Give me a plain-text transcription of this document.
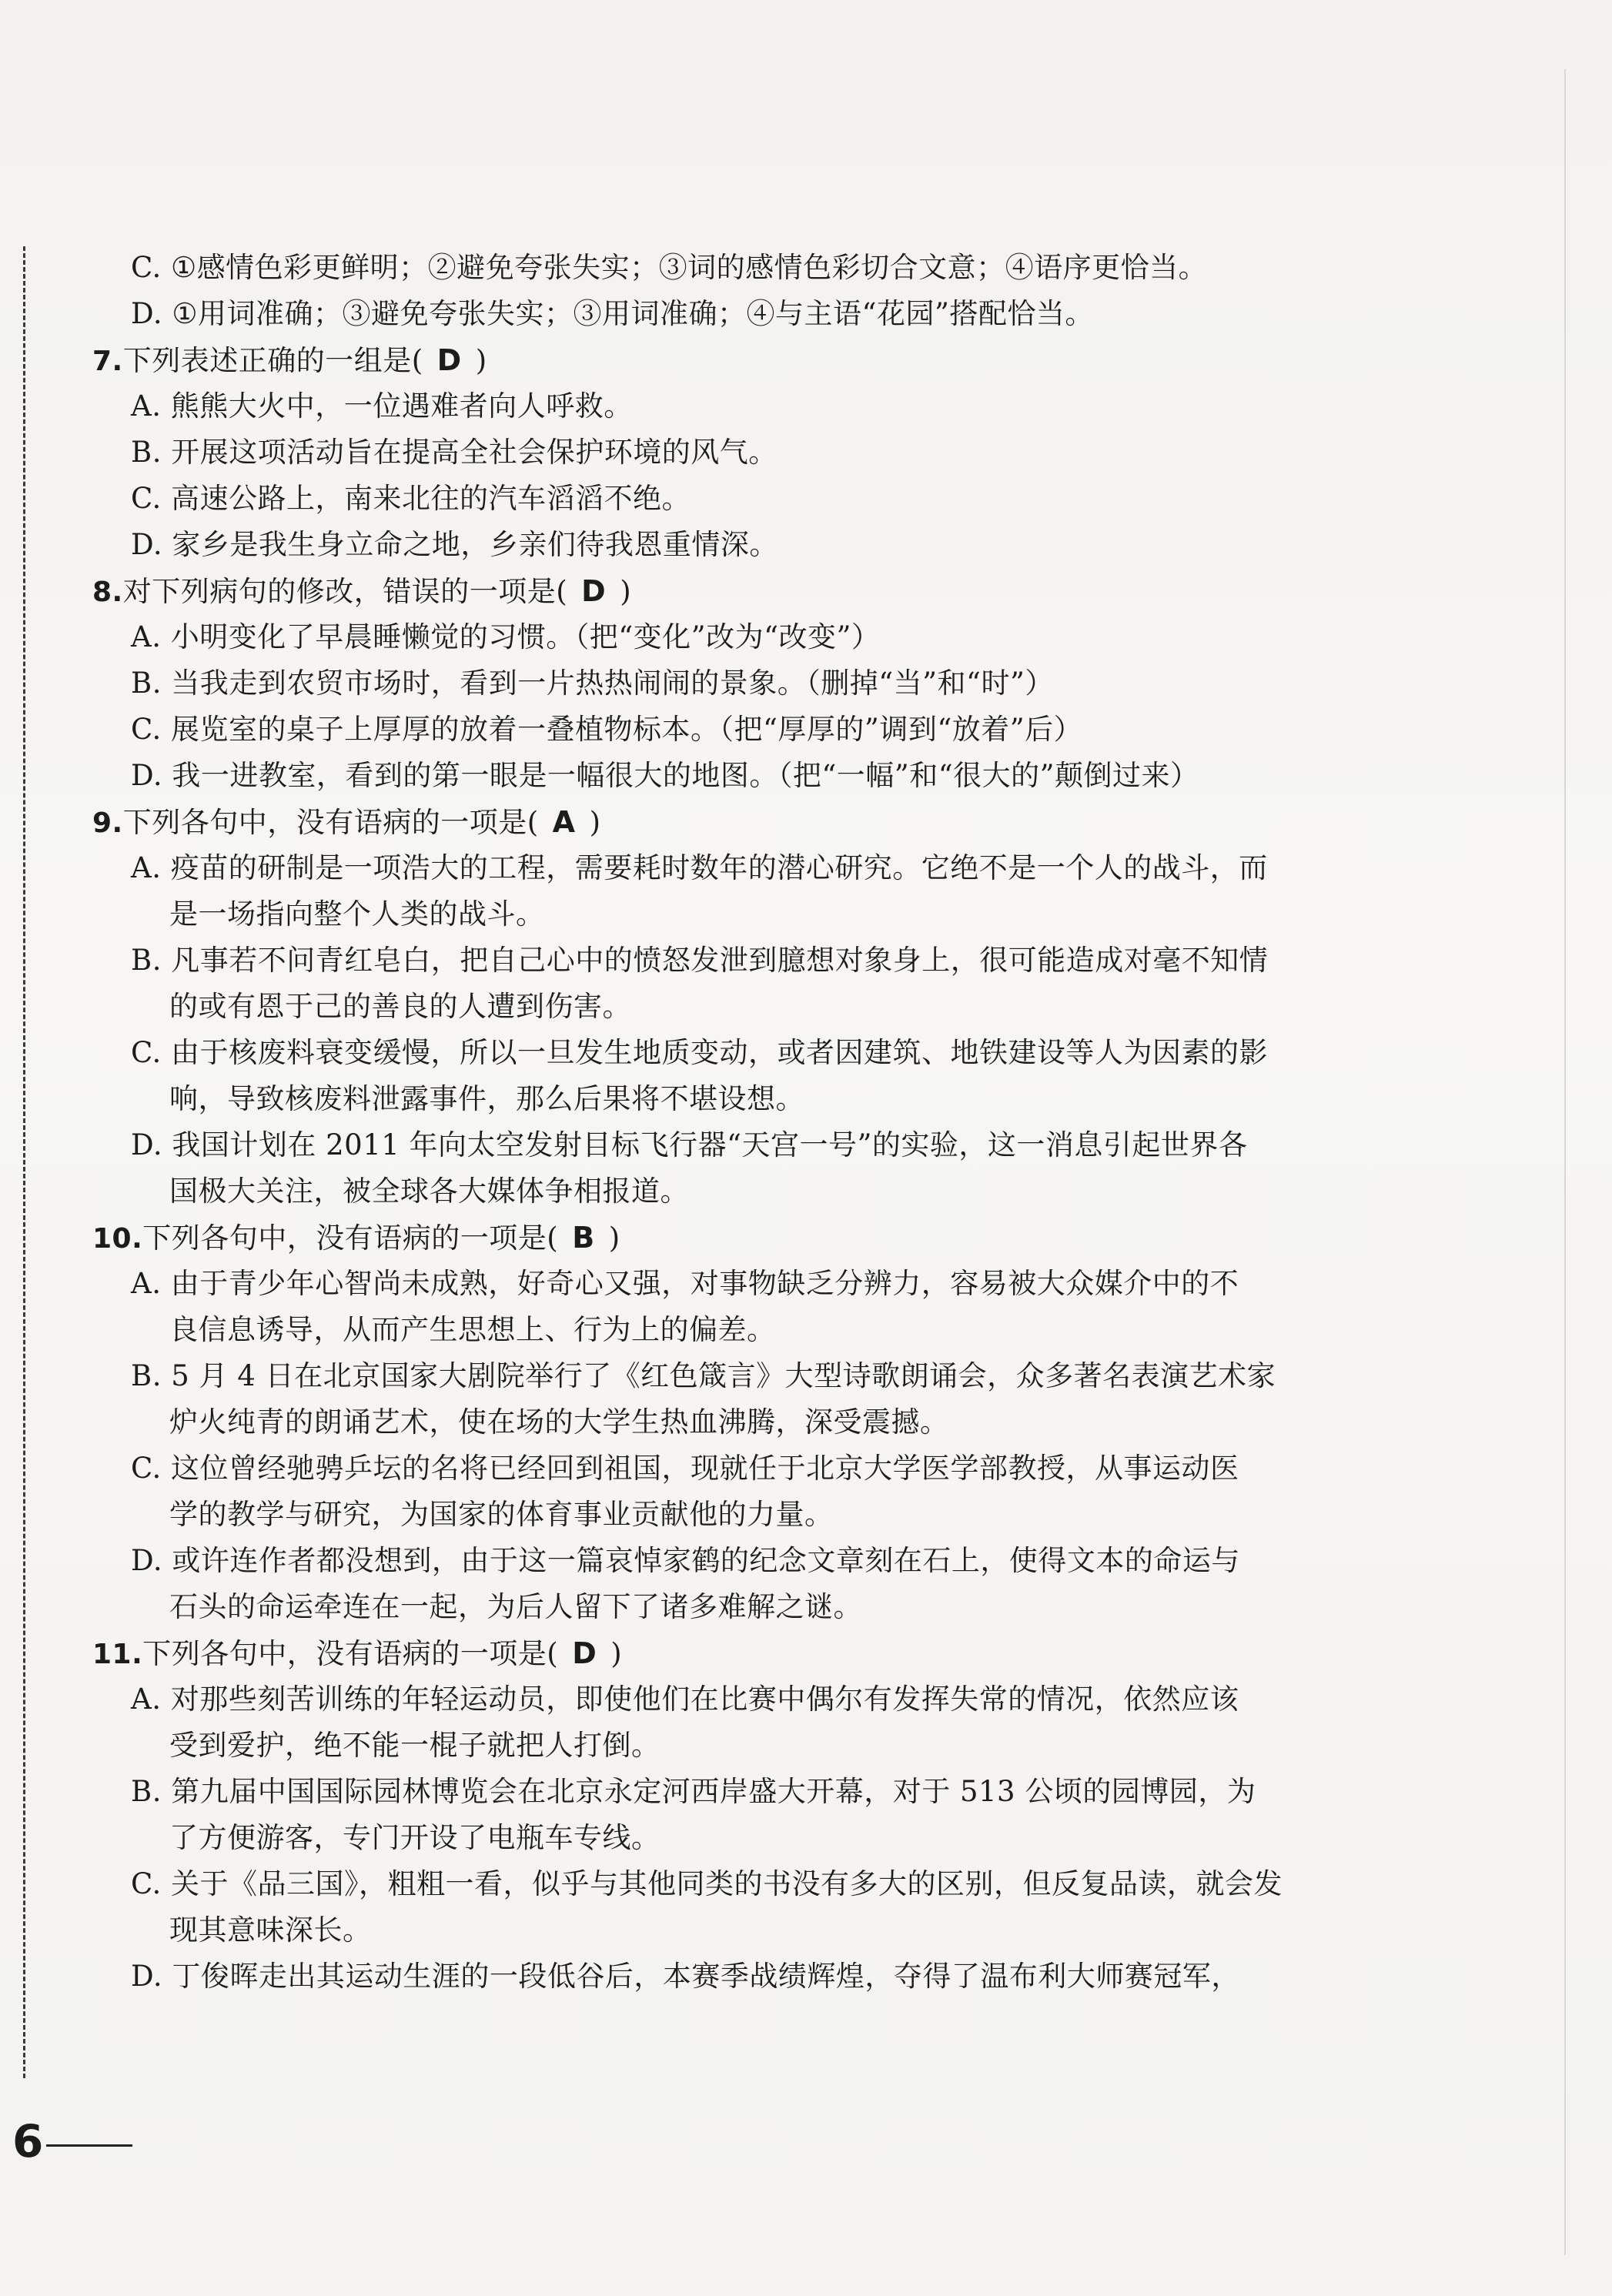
C. ①感情色彩更鲜明；②避免夸张失实；③词的感情色彩切合文意；④语序更恰当。
D. ①用词准确；③避免夸张失实；③用词准确；④与主语“花园”搭配恰当。
7.下列表述正确的一组是( D )
A. 熊熊大火中，一位遇难者向人呼救。
B. 开展这项活动旨在提高全社会保护环境的风气。
C. 高速公路上，南来北往的汽车滔滔不绝。
D. 家乡是我生身立命之地，乡亲们待我恩重情深。
8.对下列病句的修改，错误的一项是( D )
A. 小明变化了早晨睡懒觉的习惯。（把“变化”改为“改变”）
B. 当我走到农贸市场时，看到一片热热闹闹的景象。（删掉“当”和“时”）
C. 展览室的桌子上厚厚的放着一叠植物标本。（把“厚厚的”调到“放着”后）
D. 我一进教室，看到的第一眼是一幅很大的地图。（把“一幅”和“很大的”颠倒过来）
9.下列各句中，没有语病的一项是( A )
A. 疫苗的研制是一项浩大的工程，需要耗时数年的潜心研究。它绝不是一个人的战斗，而
是一场指向整个人类的战斗。
B. 凡事若不问青红皂白，把自己心中的愤怒发泄到臆想对象身上，很可能造成对毫不知情
的或有恩于己的善良的人遭到伤害。
C. 由于核废料衰变缓慢，所以一旦发生地质变动，或者因建筑、地铁建设等人为因素的影
响，导致核废料泄露事件，那么后果将不堪设想。
D. 我国计划在 2011 年向太空发射目标飞行器“天宫一号”的实验，这一消息引起世界各
国极大关注，被全球各大媒体争相报道。
10.下列各句中，没有语病的一项是( B )
A. 由于青少年心智尚未成熟，好奇心又强，对事物缺乏分辨力，容易被大众媒介中的不
良信息诱导，从而产生思想上、行为上的偏差。
B. 5 月 4 日在北京国家大剧院举行了《红色箴言》大型诗歌朗诵会，众多著名表演艺术家
炉火纯青的朗诵艺术，使在场的大学生热血沸腾，深受震撼。
C. 这位曾经驰骋乒坛的名将已经回到祖国，现就任于北京大学医学部教授，从事运动医
学的教学与研究，为国家的体育事业贡献他的力量。
D. 或许连作者都没想到，由于这一篇哀悼家鹤的纪念文章刻在石上，使得文本的命运与
石头的命运牵连在一起，为后人留下了诸多难解之谜。
11.下列各句中，没有语病的一项是( D )
A. 对那些刻苦训练的年轻运动员，即使他们在比赛中偶尔有发挥失常的情况，依然应该
受到爱护，绝不能一棍子就把人打倒。
B. 第九届中国国际园林博览会在北京永定河西岸盛大开幕，对于 513 公顷的园博园，为
了方便游客，专门开设了电瓶车专线。
C. 关于《品三国》，粗粗一看，似乎与其他同类的书没有多大的区别，但反复品读，就会发
现其意味深长。
D. 丁俊晖走出其运动生涯的一段低谷后，本赛季战绩辉煌，夺得了温布利大师赛冠军，
6
